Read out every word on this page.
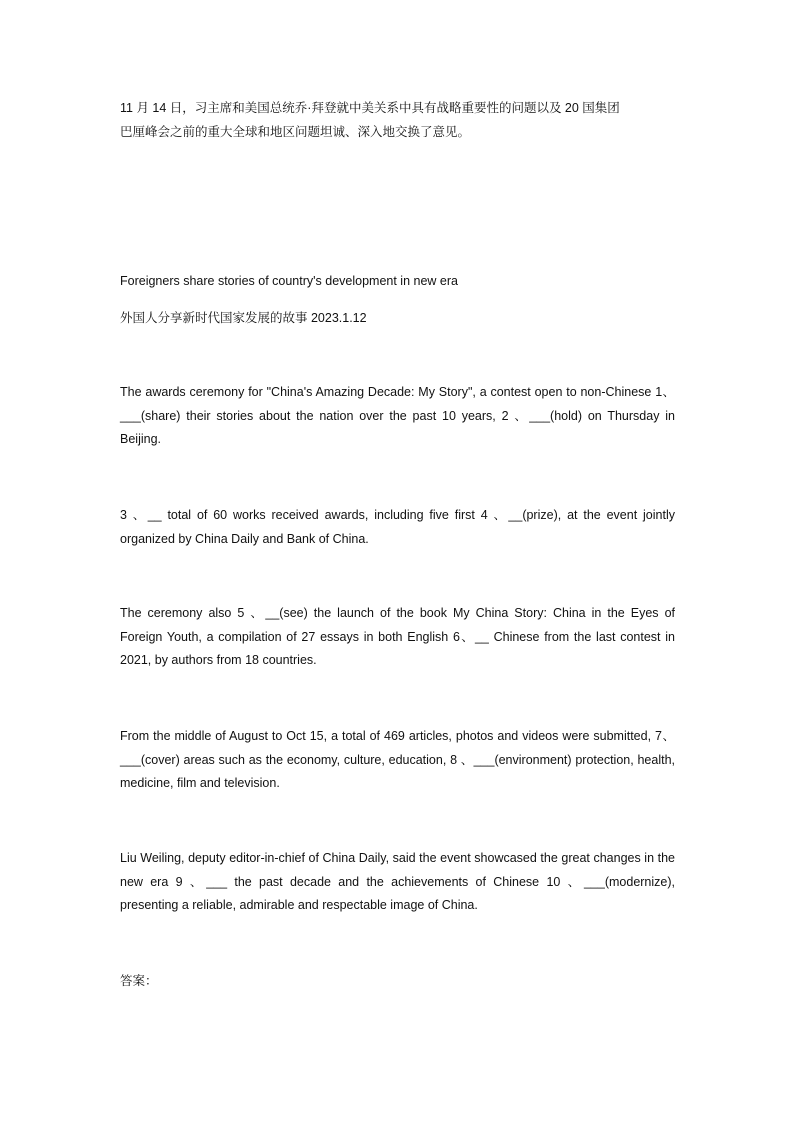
11 月 14 日，习主席和美国总统乔·拜登就中美关系中具有战略重要性的问题以及 20 国集团
巴厘峰会之前的重大全球和地区问题坦诚、深入地交换了意见。

Foreigners share stories of country's development in new era

外国人分享新时代国家发展的故事 2023.1.12

The awards ceremony for "China's Amazing Decade: My Story", a contest open to non-Chinese 1、___(share) their stories about the nation over the past 10 years, 2 、___(hold) on Thursday in Beijing.

3 、__ total of 60 works received awards, including five first 4 、__(prize), at the event jointly organized by China Daily and Bank of China.

The ceremony also 5 、__(see) the launch of the book My China Story: China in the Eyes of Foreign Youth, a compilation of 27 essays in both English 6、__ Chinese from the last contest in 2021, by authors from 18 countries.

From the middle of August to Oct 15, a total of 469 articles, photos and videos were submitted, 7、___(cover) areas such as the economy, culture, education, 8 、___(environment) protection, health, medicine, film and television.

Liu Weiling, deputy editor-in-chief of China Daily, said the event showcased the great changes in the new era 9 、___ the past decade and the achievements of Chinese 10 、___(modernize), presenting a reliable, admirable and respectable image of China.

答案：
